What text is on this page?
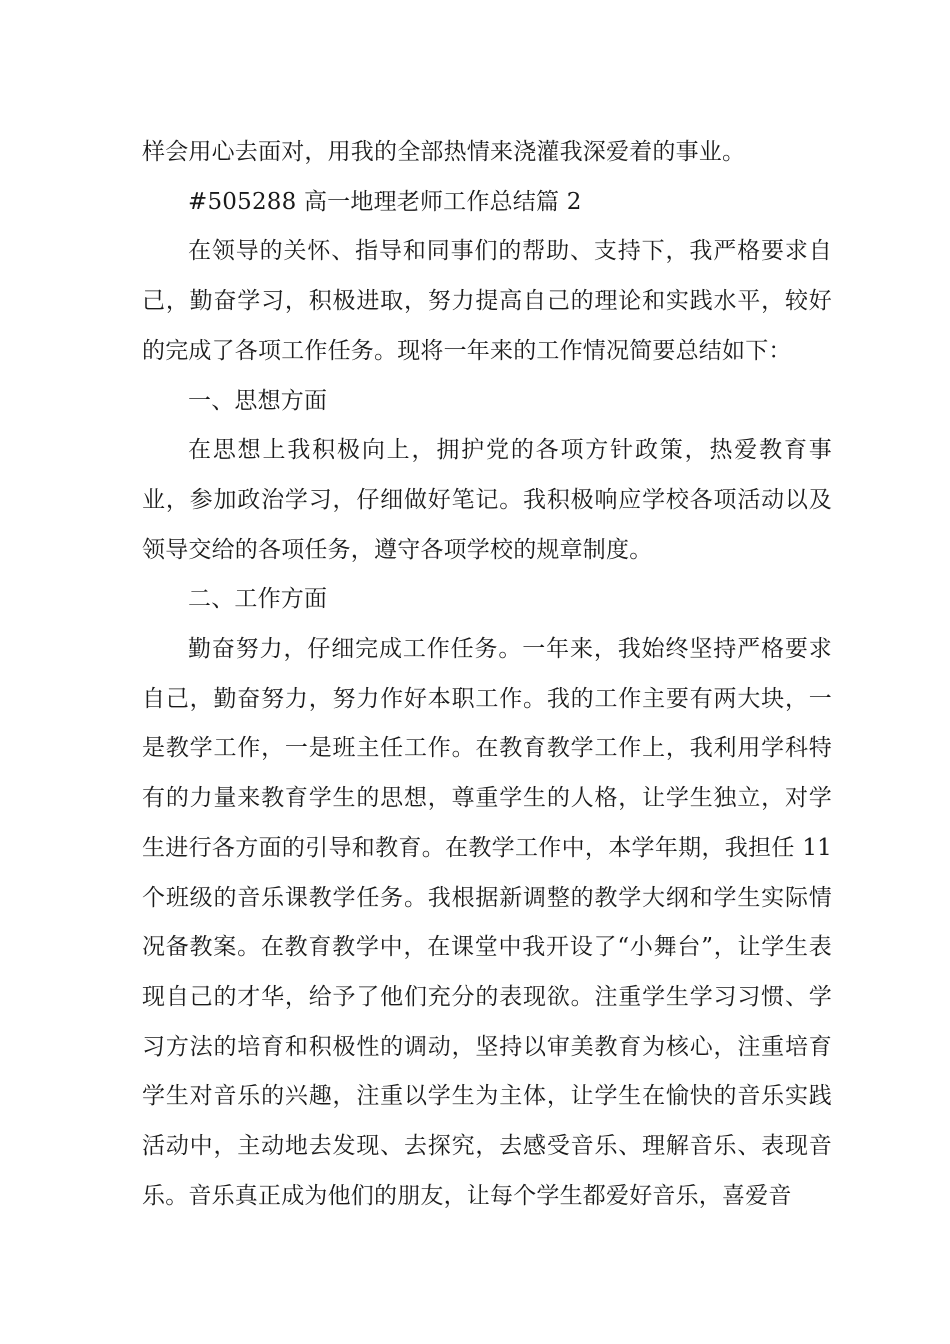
样会用心去面对，用我的全部热情来浇灌我深爱着的事业。

#505288 高一地理老师工作总结篇 2

在领导的关怀、指导和同事们的帮助、支持下，我严格要求自己，勤奋学习，积极进取，努力提高自己的理论和实践水平，较好的完成了各项工作任务。现将一年来的工作情况简要总结如下：

一、思想方面

在思想上我积极向上，拥护党的各项方针政策，热爱教育事业，参加政治学习，仔细做好笔记。我积极响应学校各项活动以及领导交给的各项任务，遵守各项学校的规章制度。

二、工作方面

勤奋努力，仔细完成工作任务。一年来，我始终坚持严格要求自己，勤奋努力，努力作好本职工作。我的工作主要有两大块，一是教学工作，一是班主任工作。在教育教学工作上，我利用学科特有的力量来教育学生的思想，尊重学生的人格，让学生独立，对学生进行各方面的引导和教育。在教学工作中，本学年期，我担任 11 个班级的音乐课教学任务。我根据新调整的教学大纲和学生实际情况备教案。在教育教学中，在课堂中我开设了“小舞台”，让学生表现自己的才华，给予了他们充分的表现欲。注重学生学习习惯、学习方法的培育和积极性的调动，坚持以审美教育为核心，注重培育学生对音乐的兴趣，注重以学生为主体，让学生在愉快的音乐实践活动中，主动地去发现、去探究，去感受音乐、理解音乐、表现音乐。音乐真正成为他们的朋友，让每个学生都爱好音乐，喜爱音
